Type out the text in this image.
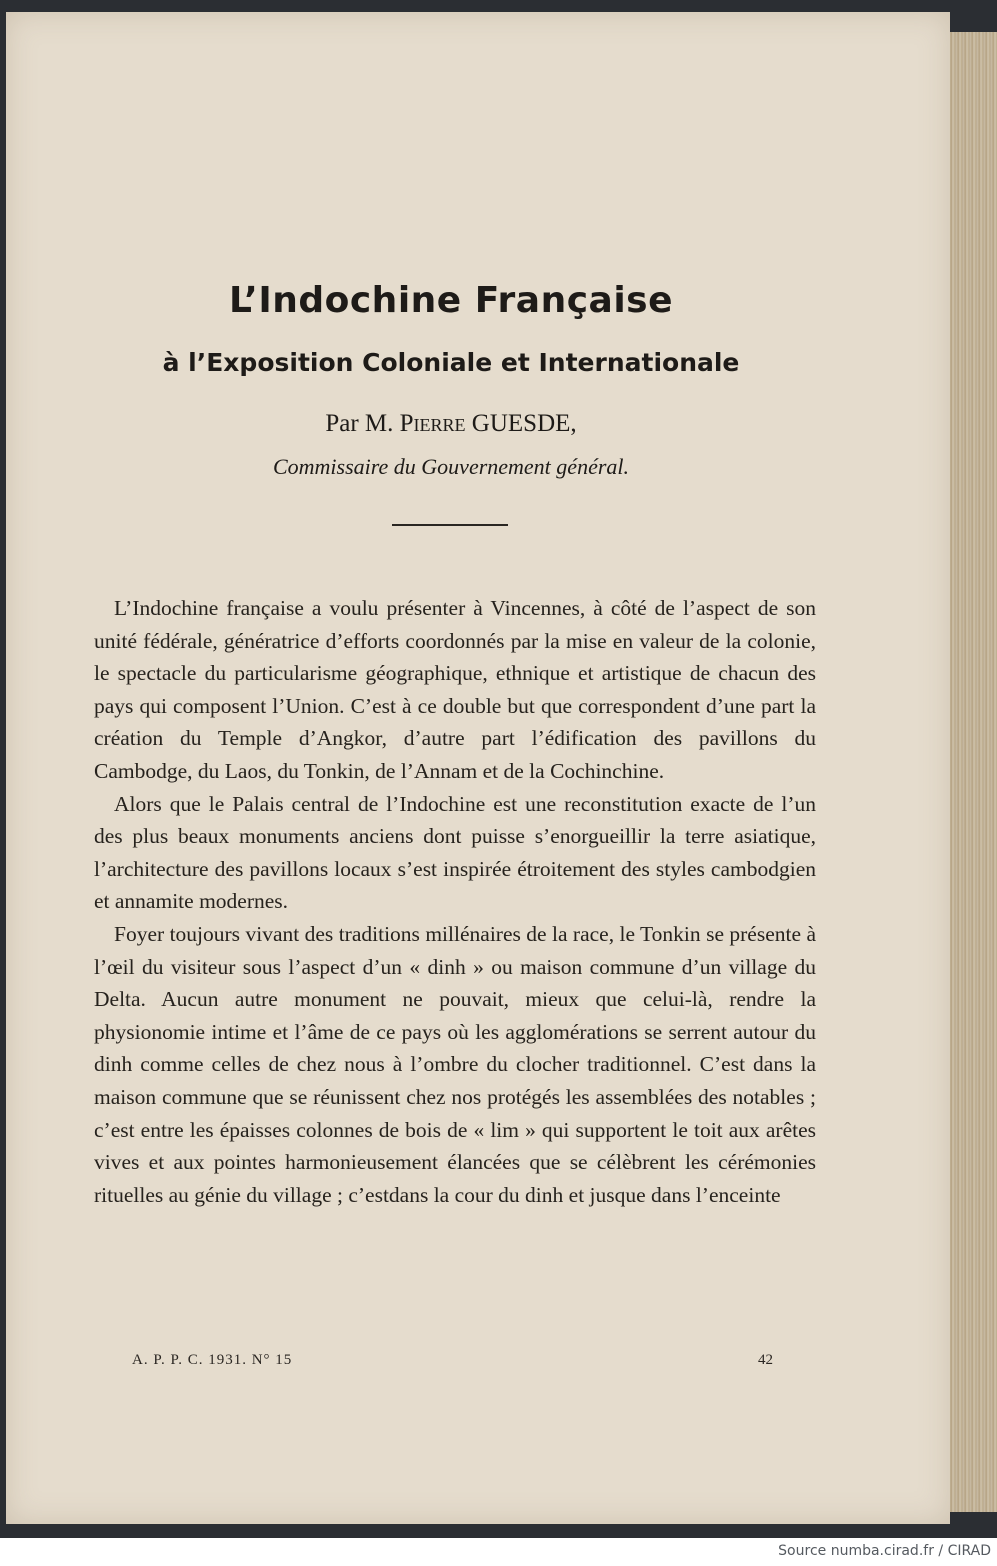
L’Indochine Française
à l’Exposition Coloniale et Internationale
Par M. Pierre GUESDE,
Commissaire du Gouvernement général.

L’Indochine française a voulu présenter à Vincennes, à côté de l’aspect de son unité fédérale, génératrice d’efforts coordonnés par la mise en valeur de la colonie, le spectacle du particularisme géographique, ethnique et artistique de chacun des pays qui composent l’Union. C’est à ce double but que correspondent d’une part la création du Temple d’Angkor, d’autre part l’édification des pavillons du Cambodge, du Laos, du Tonkin, de l’Annam et de la Cochinchine.

Alors que le Palais central de l’Indochine est une reconstitution exacte de l’un des plus beaux monuments anciens dont puisse s’enorgueillir la terre asiatique, l’architecture des pavillons locaux s’est inspirée étroitement des styles cambodgien et annamite modernes.

Foyer toujours vivant des traditions millénaires de la race, le Tonkin se présente à l’œil du visiteur sous l’aspect d’un « dinh » ou maison commune d’un village du Delta. Aucun autre monument ne pouvait, mieux que celui-là, rendre la physionomie intime et l’âme de ce pays où les agglomérations se serrent autour du dinh comme celles de chez nous à l’ombre du clocher traditionnel. C’est dans la maison commune que se réunissent chez nos protégés les assemblées des notables ; c’est entre les épaisses colonnes de bois de « lim » qui supportent le toit aux arêtes vives et aux pointes harmonieusement élancées que se célèbrent les cérémonies rituelles au génie du village ; c’estdans la cour du dinh et jusque dans l’enceinte

A. P. P. C. 1931. N° 15	42
Source numba.cirad.fr / CIRAD
